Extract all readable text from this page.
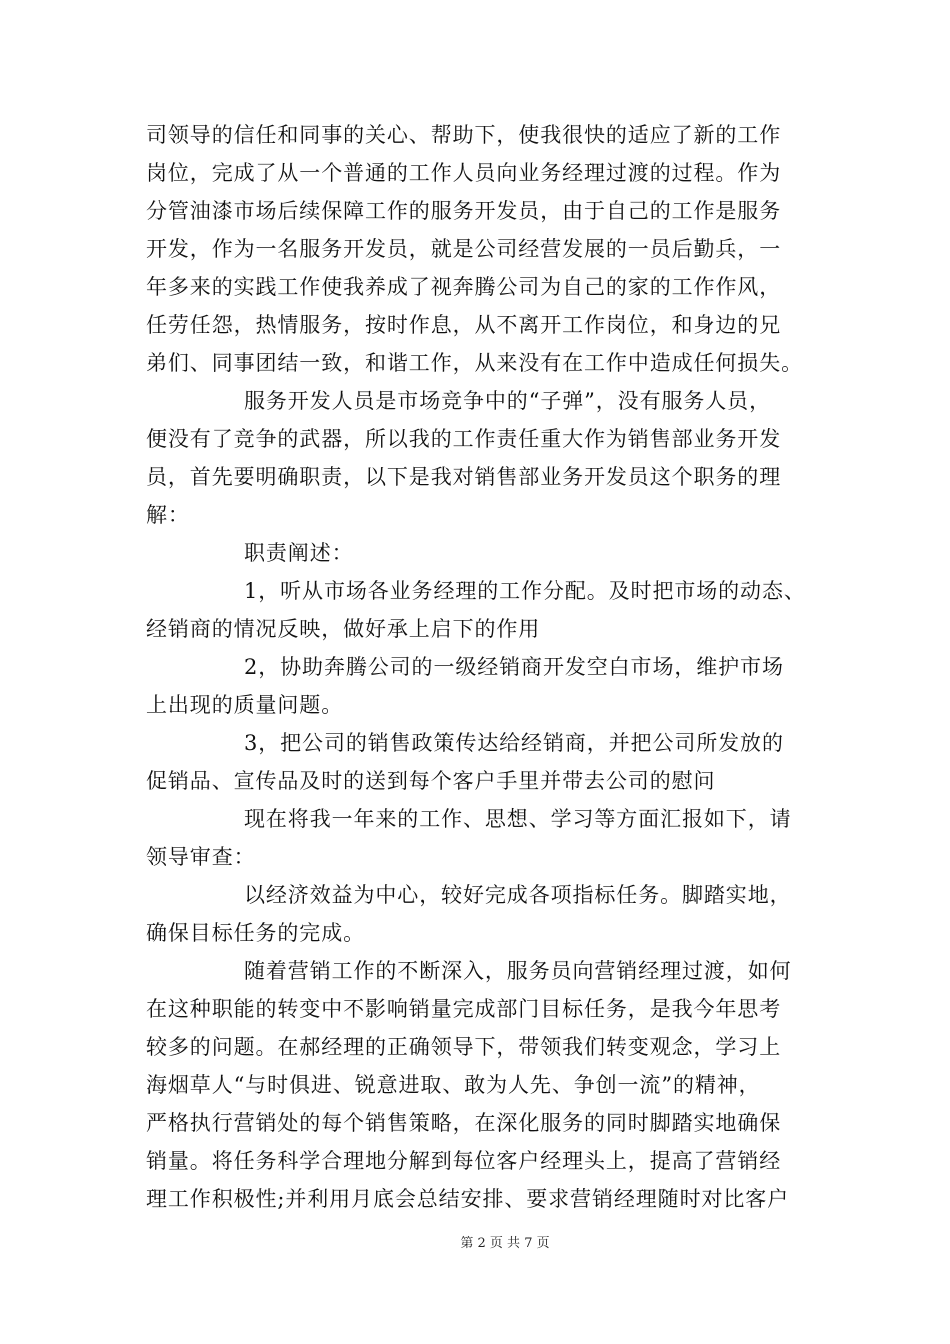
司领导的信任和同事的关心、帮助下，使我很快的适应了新的工作
岗位，完成了从一个普通的工作人员向业务经理过渡的过程。作为
分管油漆市场后续保障工作的服务开发员，由于自己的工作是服务
开发，作为一名服务开发员，就是公司经营发展的一员后勤兵，一
年多来的实践工作使我养成了视奔腾公司为自己的家的工作作风，
任劳任怨，热情服务，按时作息，从不离开工作岗位，和身边的兄
弟们、同事团结一致，和谐工作，从来没有在工作中造成任何损失。
服务开发人员是市场竞争中的“子弹”，没有服务人员，
便没有了竞争的武器，所以我的工作责任重大作为销售部业务开发
员，首先要明确职责，以下是我对销售部业务开发员这个职务的理
解：
职责阐述：
1，听从市场各业务经理的工作分配。及时把市场的动态、
经销商的情况反映，做好承上启下的作用
2，协助奔腾公司的一级经销商开发空白市场，维护市场
上出现的质量问题。
3，把公司的销售政策传达给经销商，并把公司所发放的
促销品、宣传品及时的送到每个客户手里并带去公司的慰问
现在将我一年来的工作、思想、学习等方面汇报如下，请
领导审查：
以经济效益为中心，较好完成各项指标任务。脚踏实地，
确保目标任务的完成。
随着营销工作的不断深入，服务员向营销经理过渡，如何
在这种职能的转变中不影响销量完成部门目标任务，是我今年思考
较多的问题。在郝经理的正确领导下，带领我们转变观念，学习上
海烟草人“与时俱进、锐意进取、敢为人先、争创一流”的精神，
严格执行营销处的每个销售策略，在深化服务的同时脚踏实地确保
销量。将任务科学合理地分解到每位客户经理头上，提高了营销经
理工作积极性;并利用月底会总结安排、要求营销经理随时对比客户
第 2 页 共 7 页
